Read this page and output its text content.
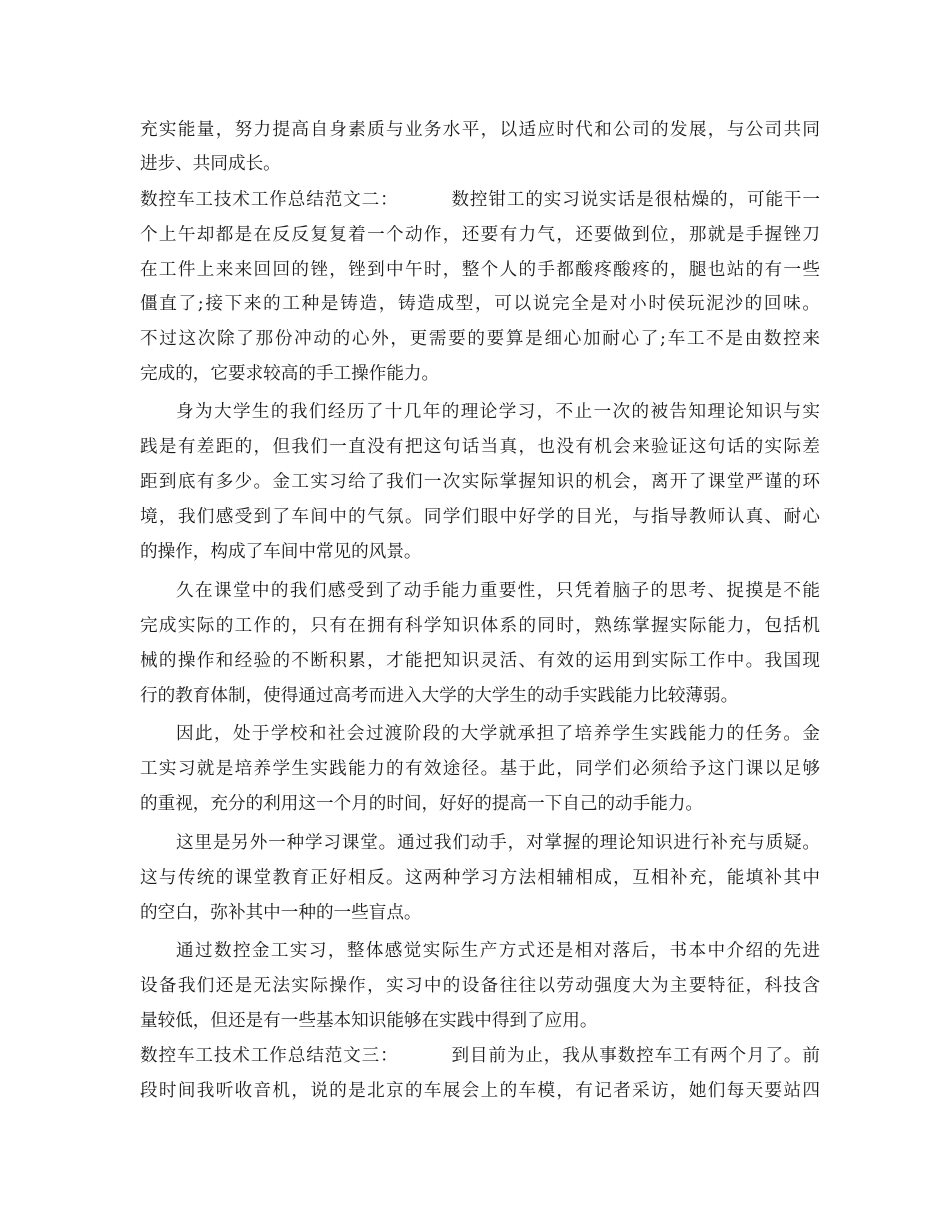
充实能量，努力提高自身素质与业务水平，以适应时代和公司的发展，与公司共同
进步、共同成长。
数控车工技术工作总结范文二：	数控钳工的实习说实话是很枯燥的，可能干一
个上午却都是在反反复复着一个动作，还要有力气，还要做到位，那就是手握锉刀
在工件上来来回回的锉，锉到中午时，整个人的手都酸疼酸疼的，腿也站的有一些
僵直了;接下来的工种是铸造，铸造成型，可以说完全是对小时侯玩泥沙的回味。
不过这次除了那份冲动的心外，更需要的要算是细心加耐心了;车工不是由数控来
完成的，它要求较高的手工操作能力。
身为大学生的我们经历了十几年的理论学习，不止一次的被告知理论知识与实
践是有差距的，但我们一直没有把这句话当真，也没有机会来验证这句话的实际差
距到底有多少。金工实习给了我们一次实际掌握知识的机会，离开了课堂严谨的环
境，我们感受到了车间中的气氛。同学们眼中好学的目光，与指导教师认真、耐心
的操作，构成了车间中常见的风景。
久在课堂中的我们感受到了动手能力重要性，只凭着脑子的思考、捉摸是不能
完成实际的工作的，只有在拥有科学知识体系的同时，熟练掌握实际能力，包括机
械的操作和经验的不断积累，才能把知识灵活、有效的运用到实际工作中。我国现
行的教育体制，使得通过高考而进入大学的大学生的动手实践能力比较薄弱。
因此，处于学校和社会过渡阶段的大学就承担了培养学生实践能力的任务。金
工实习就是培养学生实践能力的有效途径。基于此，同学们必须给予这门课以足够
的重视，充分的利用这一个月的时间，好好的提高一下自己的动手能力。
这里是另外一种学习课堂。通过我们动手，对掌握的理论知识进行补充与质疑。
这与传统的课堂教育正好相反。这两种学习方法相辅相成，互相补充，能填补其中
的空白，弥补其中一种的一些盲点。
通过数控金工实习，整体感觉实际生产方式还是相对落后，书本中介绍的先进
设备我们还是无法实际操作，实习中的设备往往以劳动强度大为主要特征，科技含
量较低，但还是有一些基本知识能够在实践中得到了应用。
数控车工技术工作总结范文三：	到目前为止，我从事数控车工有两个月了。前
段时间我听收音机，说的是北京的车展会上的车模，有记者采访，她们每天要站四
